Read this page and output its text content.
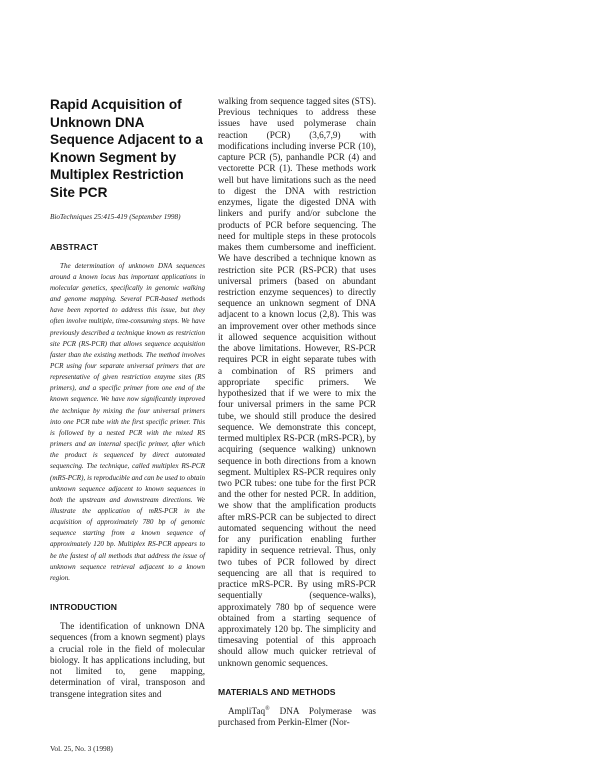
Rapid Acquisition of Unknown DNA Sequence Adjacent to a Known Segment by Multiplex Restriction Site PCR
BioTechniques 25:415-419 (September 1998)
ABSTRACT

The determination of unknown DNA sequences around a known locus has important applications in molecular genetics, specifically in genomic walking and genome mapping. Several PCR-based methods have been reported to address this issue, but they often involve multiple, time-consuming steps. We have previously described a technique known as restriction site PCR (RS-PCR) that allows sequence acquisition faster than the existing methods. The method involves PCR using four separate universal primers that are representative of given restriction enzyme sites (RS primers), and a specific primer from one end of the known sequence. We have now significantly improved the technique by mixing the four universal primers into one PCR tube with the first specific primer. This is followed by a nested PCR with the mixed RS primers and an internal specific primer, after which the product is sequenced by direct automated sequencing. The technique, called multiplex RS-PCR (mRS-PCR), is reproducible and can be used to obtain unknown sequence adjacent to known sequences in both the upstream and downstream directions. We illustrate the application of mRS-PCR in the acquisition of approximately 780 bp of genomic sequence starting from a known sequence of approximately 120 bp. Multiplex RS-PCR appears to be the fastest of all methods that address the issue of unknown sequence retrieval adjacent to a known region.

INTRODUCTION

The identification of unknown DNA sequences (from a known segment) plays a crucial role in the field of molecular biology. It has applications including, but not limited to, gene mapping, determination of viral, transposon and transgene integration sites and

walking from sequence tagged sites (STS). Previous techniques to address these issues have used polymerase chain reaction (PCR) (3,6,7,9) with modifications including inverse PCR (10), capture PCR (5), panhandle PCR (4) and vectorette PCR (1). These methods work well but have limitations such as the need to digest the DNA with restriction enzymes, ligate the digested DNA with linkers and purify and/or subclone the products of PCR before sequencing. The need for multiple steps in these protocols makes them cumbersome and inefficient. We have described a technique known as restriction site PCR (RS-PCR) that uses universal primers (based on abundant restriction enzyme sequences) to directly sequence an unknown segment of DNA adjacent to a known locus (2,8). This was an improvement over other methods since it allowed sequence acquisition without the above limitations. However, RS-PCR requires PCR in eight separate tubes with a combination of RS primers and appropriate specific primers. We hypothesized that if we were to mix the four universal primers in the same PCR tube, we should still produce the desired sequence. We demonstrate this concept, termed multiplex RS-PCR (mRS-PCR), by acquiring (sequence walking) unknown sequence in both directions from a known segment. Multiplex RS-PCR requires only two PCR tubes: one tube for the first PCR and the other for nested PCR. In addition, we show that the amplification products after mRS-PCR can be subjected to direct automated sequencing without the need for any purification enabling further rapidity in sequence retrieval. Thus, only two tubes of PCR followed by direct sequencing are all that is required to practice mRS-PCR. By using mRS-PCR sequentially (sequence-walks), approximately 780 bp of sequence were obtained from a starting sequence of approximately 120 bp. The simplicity and timesaving potential of this approach should allow much quicker retrieval of unknown genomic sequences.

MATERIALS AND METHODS

AmpliTaq® DNA Polymerase was purchased from Perkin-Elmer (Nor-

Vol. 25, No. 3 (1998)
